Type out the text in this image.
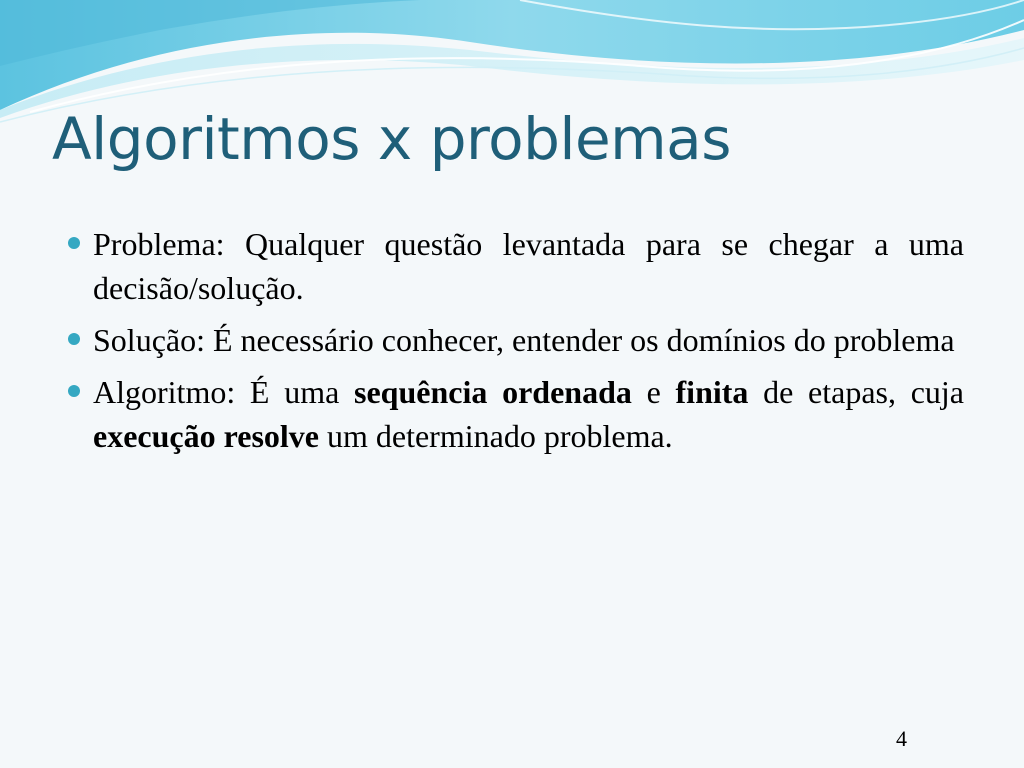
Algoritmos x problemas
Problema: Qualquer questão levantada para se chegar a uma decisão/solução.
Solução: É necessário conhecer, entender os domínios do problema
Algoritmo: É uma sequência ordenada e finita de etapas, cuja execução resolve um determinado problema.
4
